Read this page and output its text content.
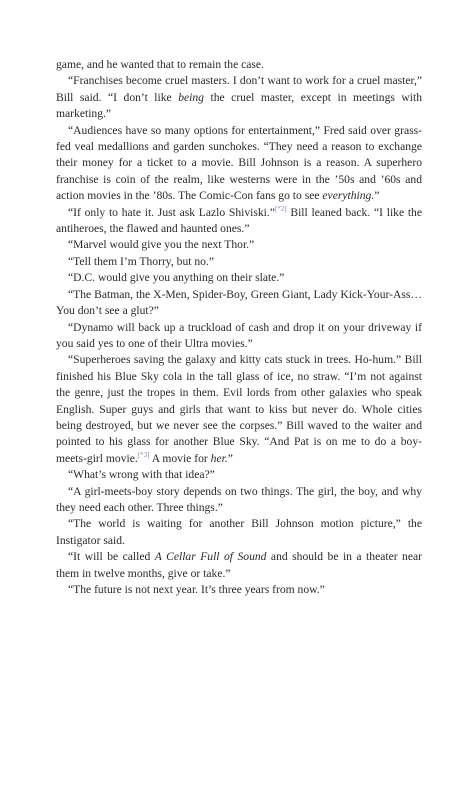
game, and he wanted that to remain the case.

“Franchises become cruel masters. I don’t want to work for a cruel master,” Bill said. “I don’t like being the cruel master, except in meetings with marketing.”

“Audiences have so many options for entertainment,” Fred said over grass-fed veal medallions and garden sunchokes. “They need a reason to exchange their money for a ticket to a movie. Bill Johnson is a reason. A superhero franchise is coin of the realm, like westerns were in the ’50s and ’60s and action movies in the ’80s. The Comic-Con fans go to see everything.”

“If only to hate it. Just ask Lazlo Shiviski.”[*2] Bill leaned back. “I like the antiheroes, the flawed and haunted ones.”

“Marvel would give you the next Thor.”

“Tell them I’m Thorry, but no.”

“D.C. would give you anything on their slate.”

“The Batman, the X-Men, Spider-Boy, Green Giant, Lady Kick-Your-Ass…You don’t see a glut?”

“Dynamo will back up a truckload of cash and drop it on your driveway if you said yes to one of their Ultra movies.”

“Superheroes saving the galaxy and kitty cats stuck in trees. Ho-hum.” Bill finished his Blue Sky cola in the tall glass of ice, no straw. “I’m not against the genre, just the tropes in them. Evil lords from other galaxies who speak English. Super guys and girls that want to kiss but never do. Whole cities being destroyed, but we never see the corpses.” Bill waved to the waiter and pointed to his glass for another Blue Sky. “And Pat is on me to do a boy-meets-girl movie.[*3] A movie for her.”

“What’s wrong with that idea?”

“A girl-meets-boy story depends on two things. The girl, the boy, and why they need each other. Three things.”

“The world is waiting for another Bill Johnson motion picture,” the Instigator said.

“It will be called A Cellar Full of Sound and should be in a theater near them in twelve months, give or take.”

“The future is not next year. It’s three years from now.”
